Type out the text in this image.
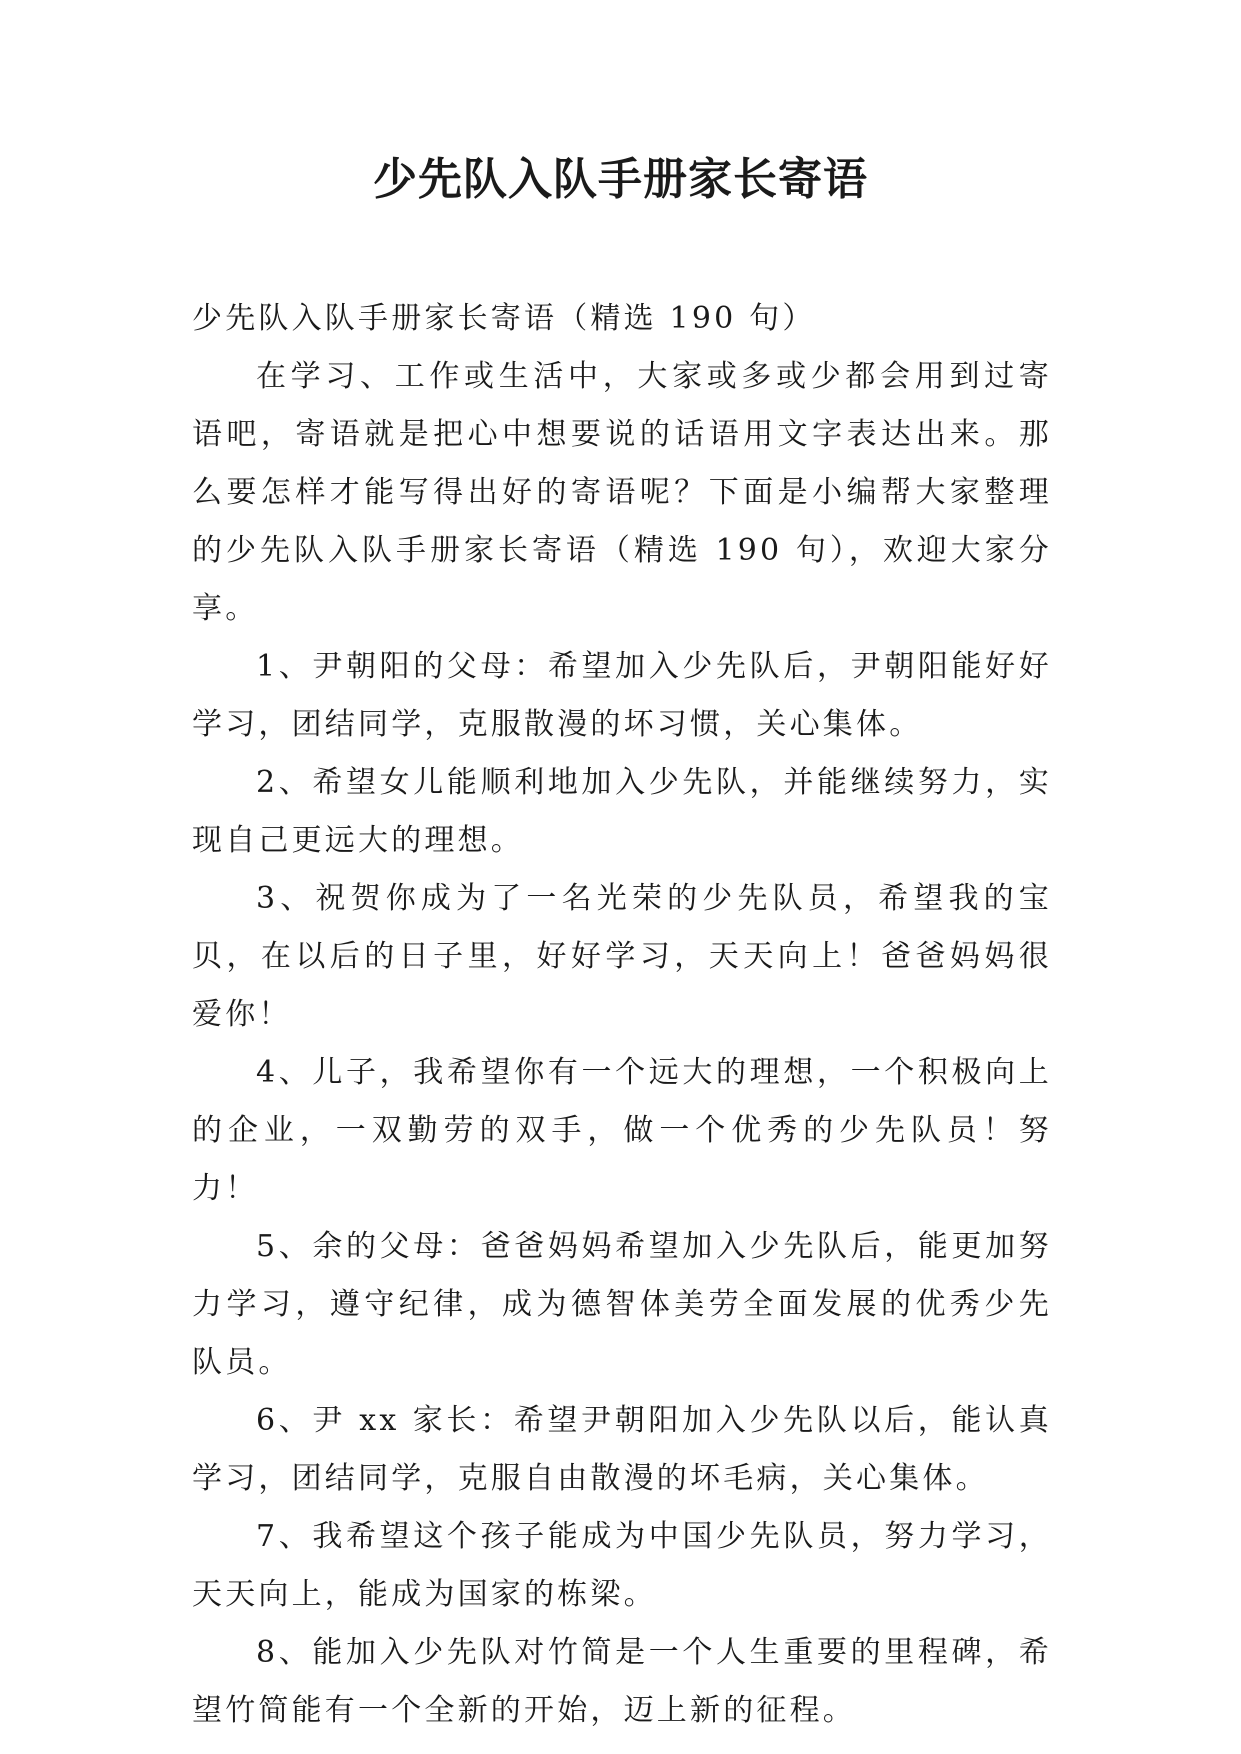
少先队入队手册家长寄语

少先队入队手册家长寄语（精选 190 句）

在学习、工作或生活中，大家或多或少都会用到过寄语吧，寄语就是把心中想要说的话语用文字表达出来。那么要怎样才能写得出好的寄语呢？下面是小编帮大家整理的少先队入队手册家长寄语（精选 190 句），欢迎大家分享。

1、尹朝阳的父母：希望加入少先队后，尹朝阳能好好学习，团结同学，克服散漫的坏习惯，关心集体。

2、希望女儿能顺利地加入少先队，并能继续努力，实现自己更远大的理想。

3、祝贺你成为了一名光荣的少先队员，希望我的宝贝，在以后的日子里，好好学习，天天向上！爸爸妈妈很爱你！

4、儿子，我希望你有一个远大的理想，一个积极向上的企业，一双勤劳的双手，做一个优秀的少先队员！努力！

5、余的父母：爸爸妈妈希望加入少先队后，能更加努力学习，遵守纪律，成为德智体美劳全面发展的优秀少先队员。

6、尹 xx 家长：希望尹朝阳加入少先队以后，能认真学习，团结同学，克服自由散漫的坏毛病，关心集体。

7、我希望这个孩子能成为中国少先队员，努力学习，天天向上，能成为国家的栋梁。

8、能加入少先队对竹简是一个人生重要的里程碑，希望竹简能有一个全新的开始，迈上新的征程。
